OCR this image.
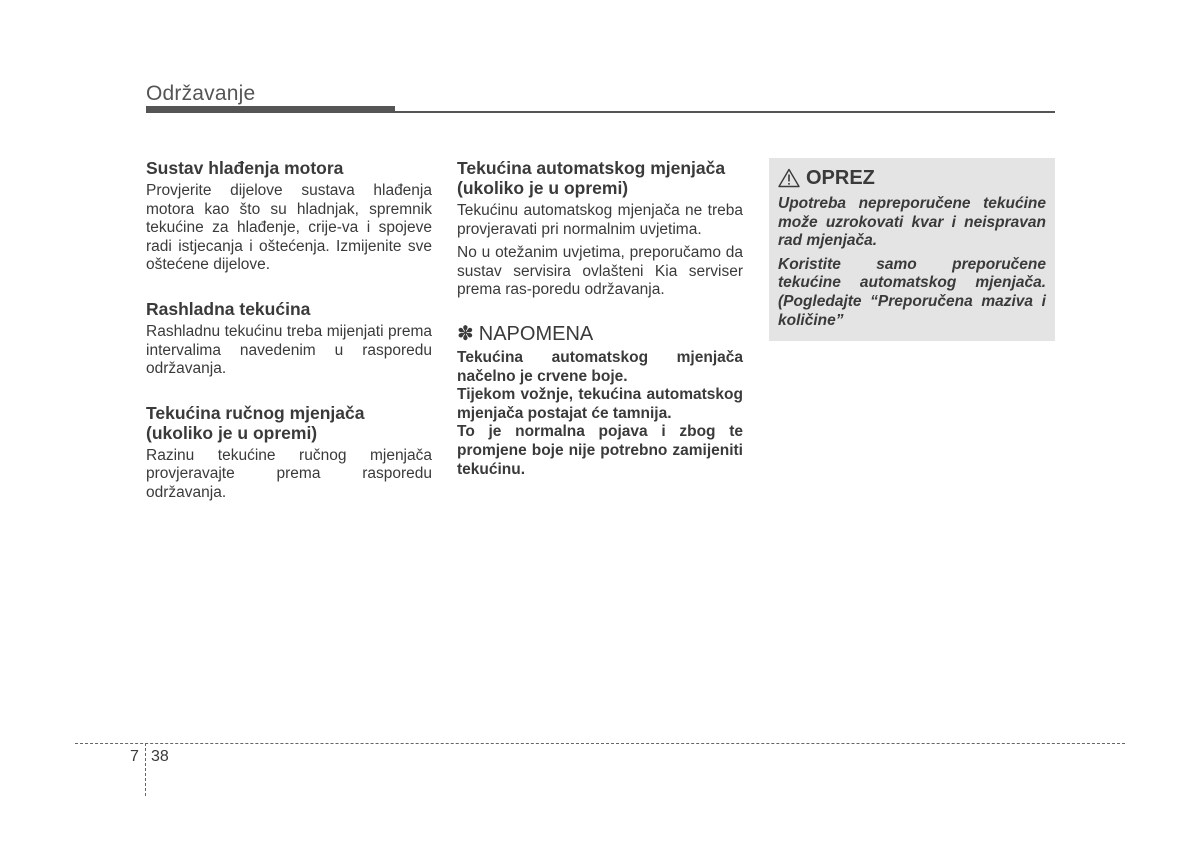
Održavanje
Sustav hlađenja motora

Provjerite dijelove sustava hlađenja motora kao što su hladnjak, spremnik tekućine za hlađenje, crije-va i spojeve radi istjecanja i oštećenja. Izmijenite sve oštećene dijelove.

Rashladna tekućina

Rashladnu tekućinu treba mijenjati prema intervalima navedenim u rasporedu održavanja.

Tekućina ručnog mjenjača (ukoliko je u opremi)

Razinu tekućine ručnog mjenjača provjeravajte prema rasporedu održavanja.

Tekućina automatskog mjenjača (ukoliko je u opremi)

Tekućinu automatskog mjenjača ne treba provjeravati pri normalnim uvjetima.

No u otežanim uvjetima, preporučamo da sustav servisira ovlašteni Kia serviser prema ras-poredu održavanja.

✽ NAPOMENA

Tekućina automatskog mjenjača načelno je crvene boje.

Tijekom vožnje, tekućina automatskog mjenjača postajat će tamnija.

To je normalna pojava i zbog te promjene boje nije potrebno zamijeniti tekućinu.

OPREZ

Upotreba nepreporučene tekućine može uzrokovati kvar i neispravan rad mjenjača.

Koristite samo preporučene tekućine automatskog mjenjača. (Pogledajte “Preporučena maziva i količine”

7 38
